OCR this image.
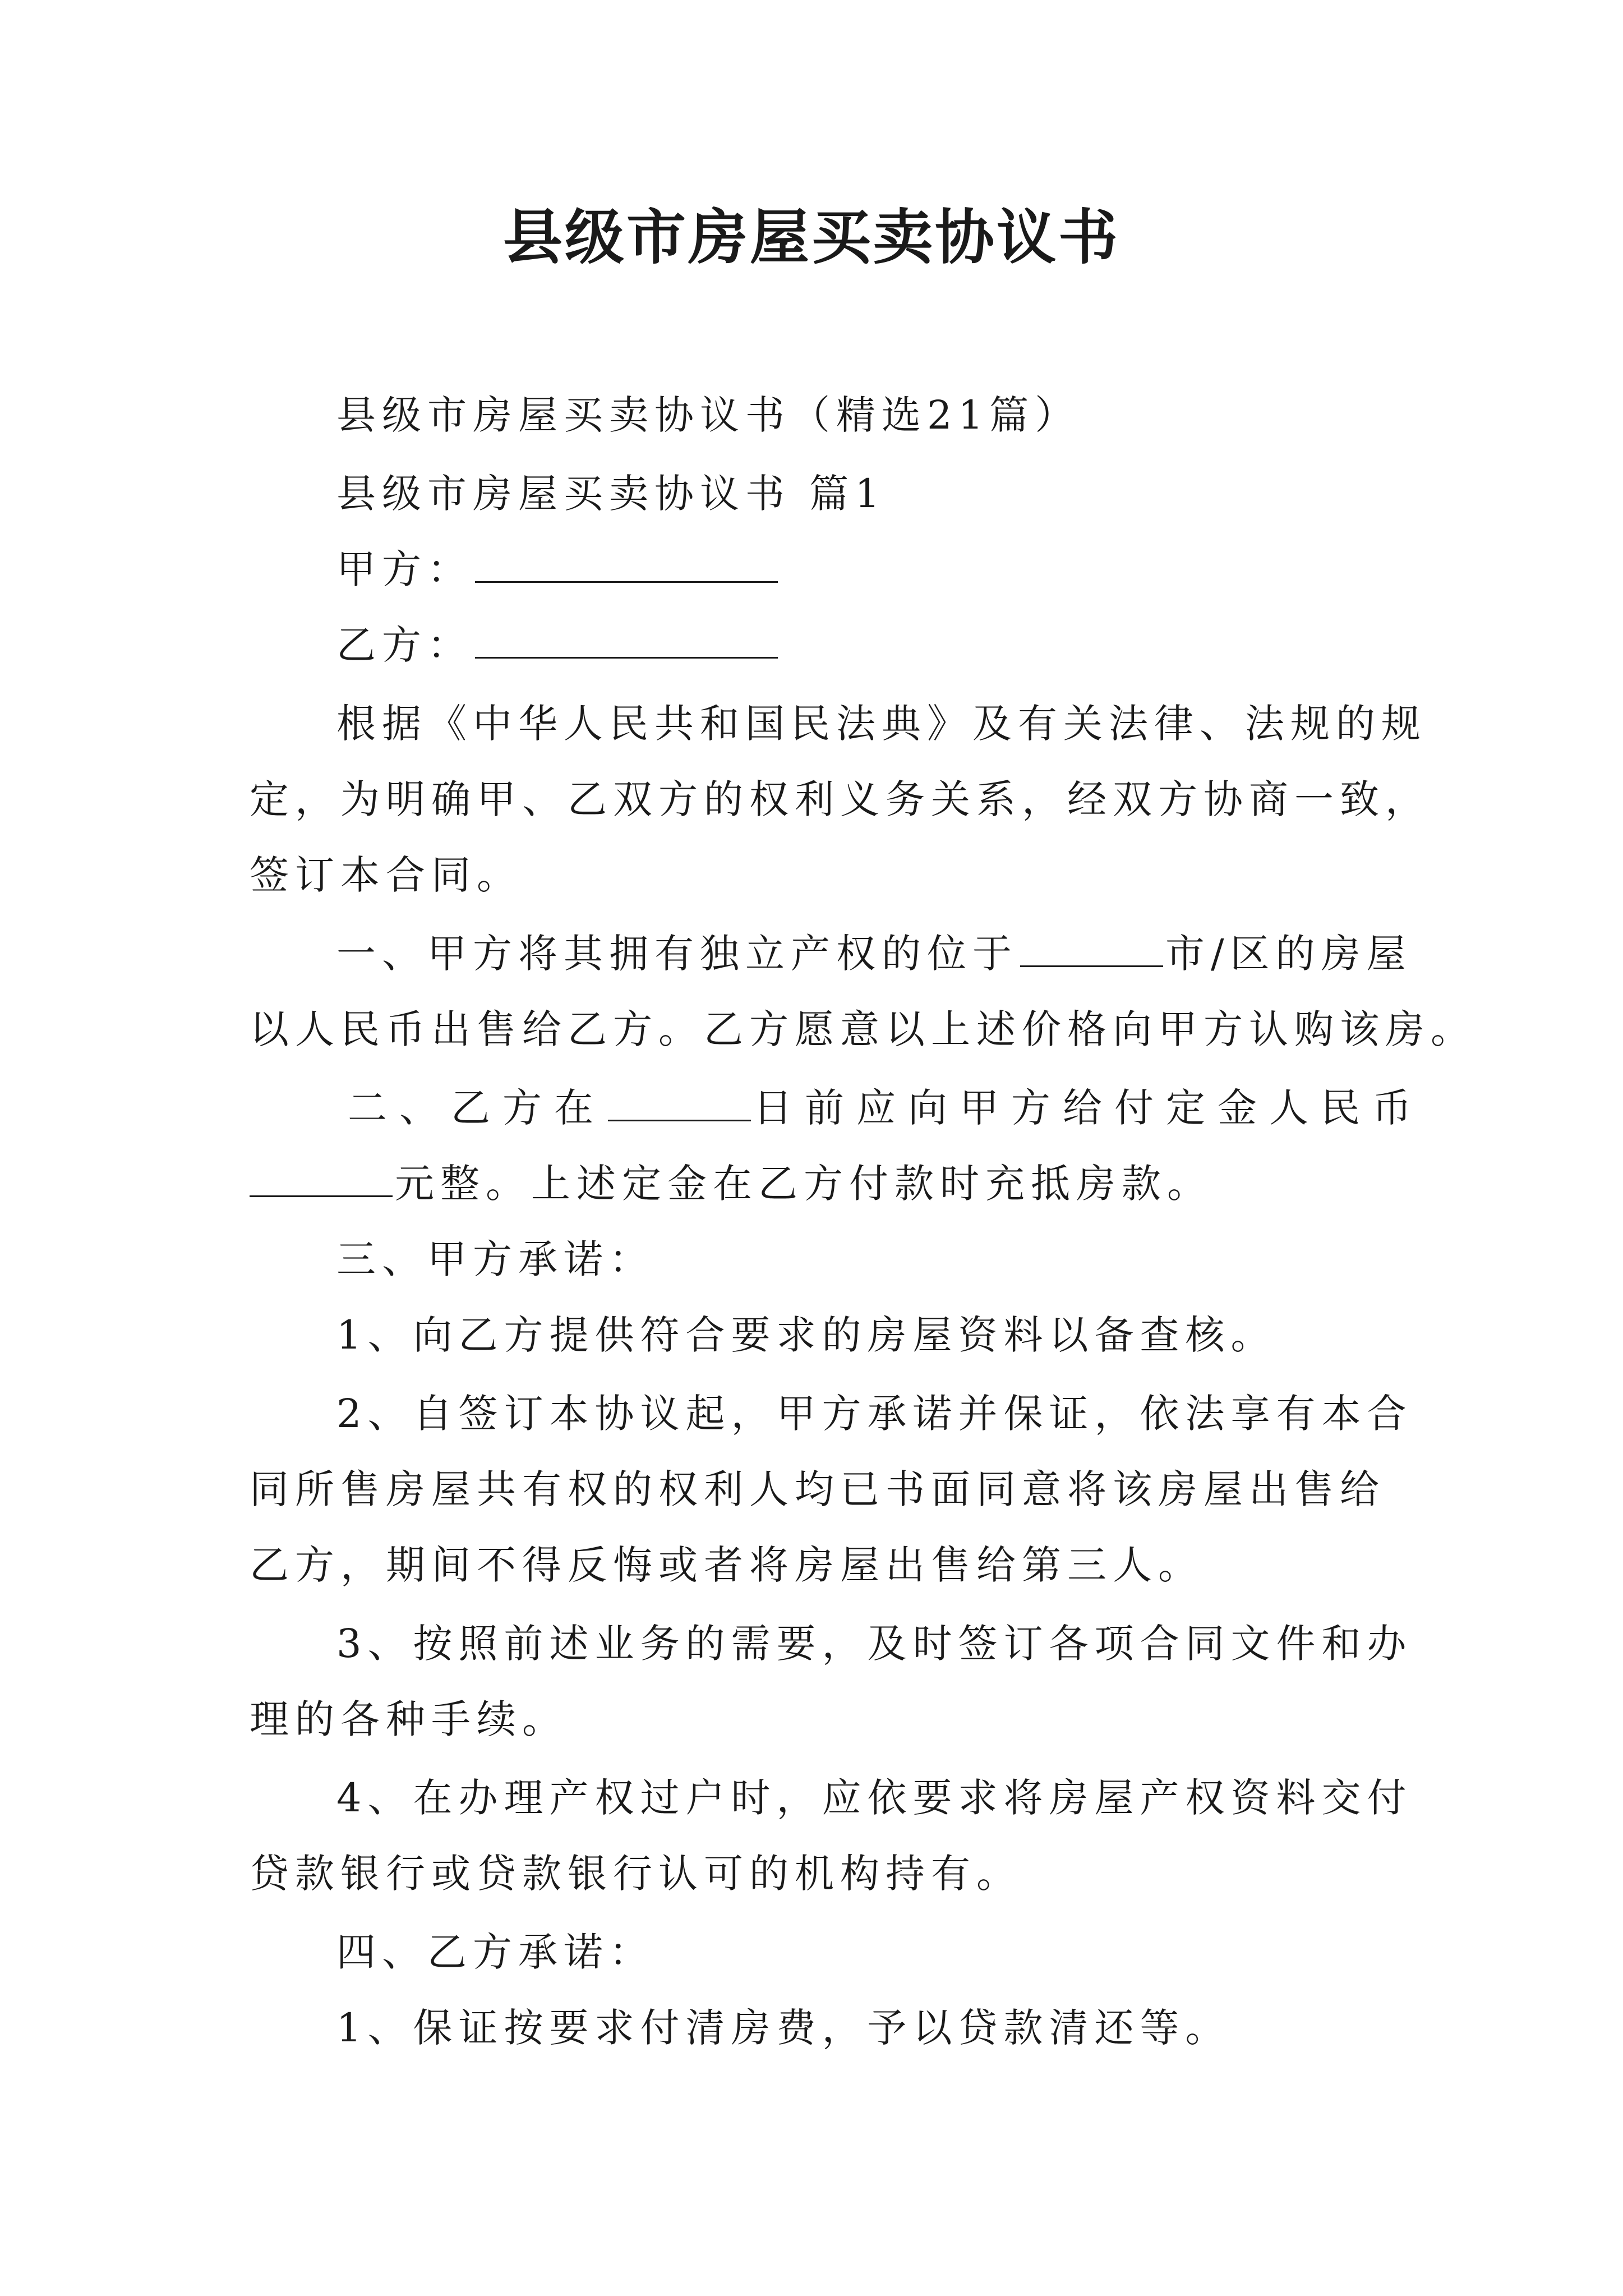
县级市房屋买卖协议书
县级市房屋买卖协议书（精选21篇）
县级市房屋买卖协议书 篇1
甲方：
乙方：
根据《中华人民共和国民法典》及有关法律、法规的规
定，为明确甲、乙双方的权利义务关系，经双方协商一致，
签订本合同。
一、甲方将其拥有独立产权的位于	市/区的房屋
以人民币出售给乙方。乙方愿意以上述价格向甲方认购该房。
二、乙方在	日前应向甲方给付定金人民币
元整。上述定金在乙方付款时充抵房款。
三、甲方承诺：
1、向乙方提供符合要求的房屋资料以备查核。
2、自签订本协议起，甲方承诺并保证，依法享有本合
同所售房屋共有权的权利人均已书面同意将该房屋出售给
乙方，期间不得反悔或者将房屋出售给第三人。
3、按照前述业务的需要，及时签订各项合同文件和办
理的各种手续。
4、在办理产权过户时，应依要求将房屋产权资料交付
贷款银行或贷款银行认可的机构持有。
四、乙方承诺：
1、保证按要求付清房费，予以贷款清还等。
